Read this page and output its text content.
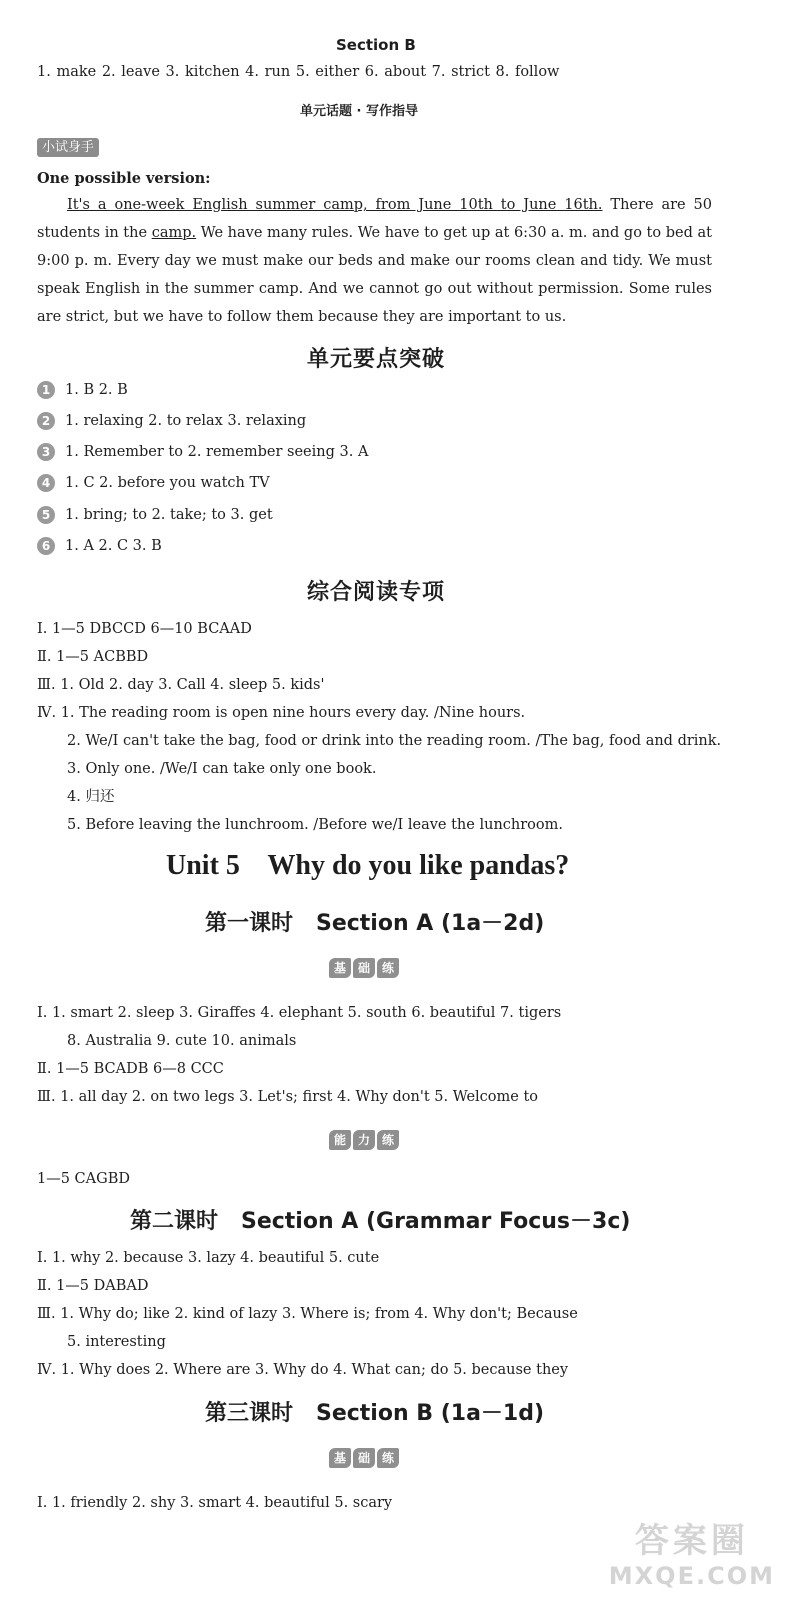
Section B
1. make 2. leave 3. kitchen 4. run 5. either 6. about 7. strict 8. follow
单元话题 · 写作指导
小试身手
One possible version:
It's a one-week English summer camp, from June 10th to June 16th. There are 50 students in the camp. We have many rules. We have to get up at 6:30 a. m. and go to bed at 9:00 p. m. Every day we must make our beds and make our rooms clean and tidy. We must speak English in the summer camp. And we cannot go out without permission. Some rules are strict, but we have to follow them because they are important to us.
单元要点突破
1 1. B 2. B
2 1. relaxing 2. to relax 3. relaxing
3 1. Remember to 2. remember seeing 3. A
4 1. C 2. before you watch TV
5 1. bring; to 2. take; to 3. get
6 1. A 2. C 3. B
综合阅读专项
Ⅰ. 1—5 DBCCD 6—10 BCAAD
Ⅱ. 1—5 ACBBD
Ⅲ. 1. Old 2. day 3. Call 4. sleep 5. kids'
Ⅳ. 1. The reading room is open nine hours every day. /Nine hours.
2. We/I can't take the bag, food or drink into the reading room. /The bag, food and drink.
3. Only one. /We/I can take only one book.
4. 归还
5. Before leaving the lunchroom. /Before we/I leave the lunchroom.
Unit 5    Why do you like pandas?
第一课时   Section A (1a－2d)
基 础 练
Ⅰ. 1. smart 2. sleep 3. Giraffes 4. elephant 5. south 6. beautiful 7. tigers
8. Australia 9. cute 10. animals
Ⅱ. 1—5 BCADB 6—8 CCC
Ⅲ. 1. all day 2. on two legs 3. Let's; first 4. Why don't 5. Welcome to
能 力 练
1—5 CAGBD
第二课时   Section A (Grammar Focus－3c)
Ⅰ. 1. why 2. because 3. lazy 4. beautiful 5. cute
Ⅱ. 1—5 DABAD
Ⅲ. 1. Why do; like 2. kind of lazy 3. Where is; from 4. Why don't; Because
5. interesting
Ⅳ. 1. Why does 2. Where are 3. Why do 4. What can; do 5. because they
第三课时   Section B (1a－1d)
基 础 练
Ⅰ. 1. friendly 2. shy 3. smart 4. beautiful 5. scary
答案圈
MXQE.COM
